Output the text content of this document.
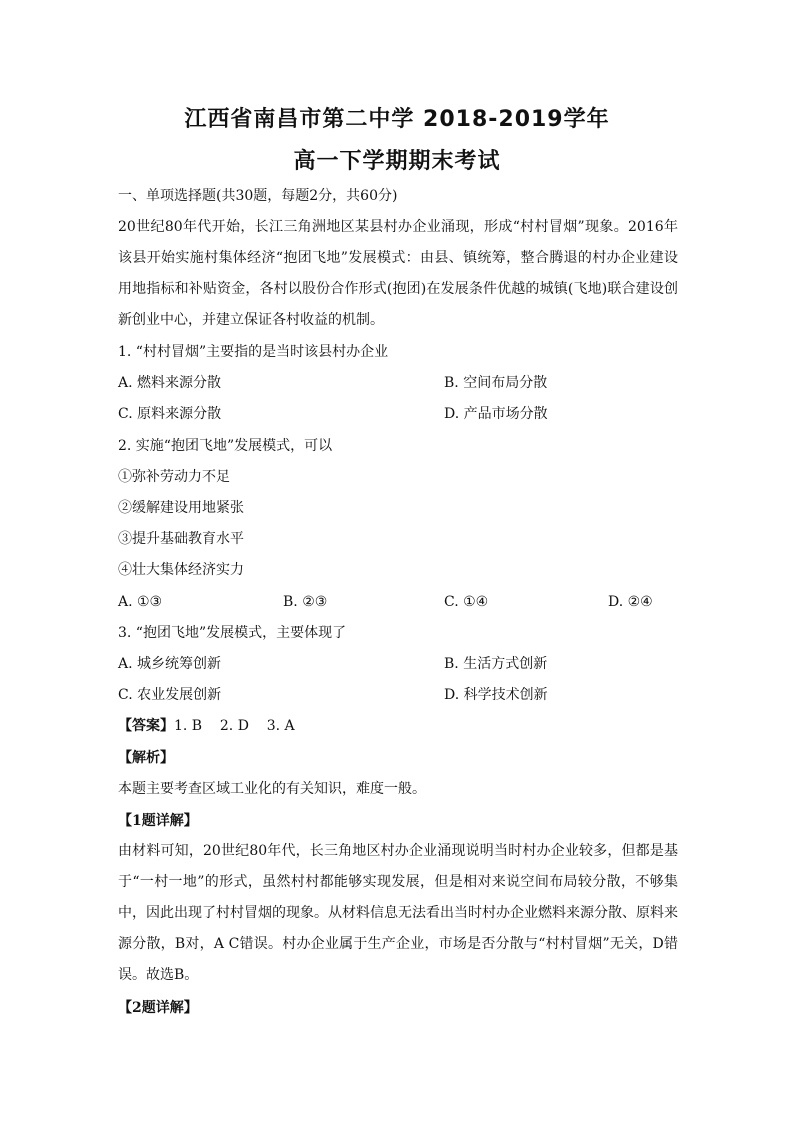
江西省南昌市第二中学 2018-2019学年
高一下学期期末考试
一、单项选择题(共30题，每题2分，共60分)
20世纪80年代开始，长江三角洲地区某县村办企业涌现，形成“村村冒烟”现象。2016年该县开始实施村集体经济“抱团飞地”发展模式：由县、镇统筹，整合腾退的村办企业建设用地指标和补贴资金，各村以股份合作形式(抱团)在发展条件优越的城镇(飞地)联合建设创新创业中心，并建立保证各村收益的机制。
1. “村村冒烟”主要指的是当时该县村办企业
A. 燃料来源分散	B. 空间布局分散
C. 原料来源分散	D. 产品市场分散
2. 实施“抱团飞地”发展模式，可以
①弥补劳动力不足
②缓解建设用地紧张
③提升基础教育水平
④壮大集体经济实力
A. ①③	B. ②③	C. ①④	D. ②④
3. “抱团飞地”发展模式，主要体现了
A. 城乡统筹创新	B. 生活方式创新
C. 农业发展创新	D. 科学技术创新
【答案】1. B    2. D    3. A
【解析】
本题主要考查区域工业化的有关知识，难度一般。
【1题详解】
由材料可知，20世纪80年代，长三角地区村办企业涌现说明当时村办企业较多，但都是基于“一村一地”的形式，虽然村村都能够实现发展，但是相对来说空间布局较分散，不够集中，因此出现了村村冒烟的现象。从材料信息无法看出当时村办企业燃料来源分散、原料来源分散，B对，A C错误。村办企业属于生产企业，市场是否分散与“村村冒烟”无关，D错误。故选B。
【2题详解】
